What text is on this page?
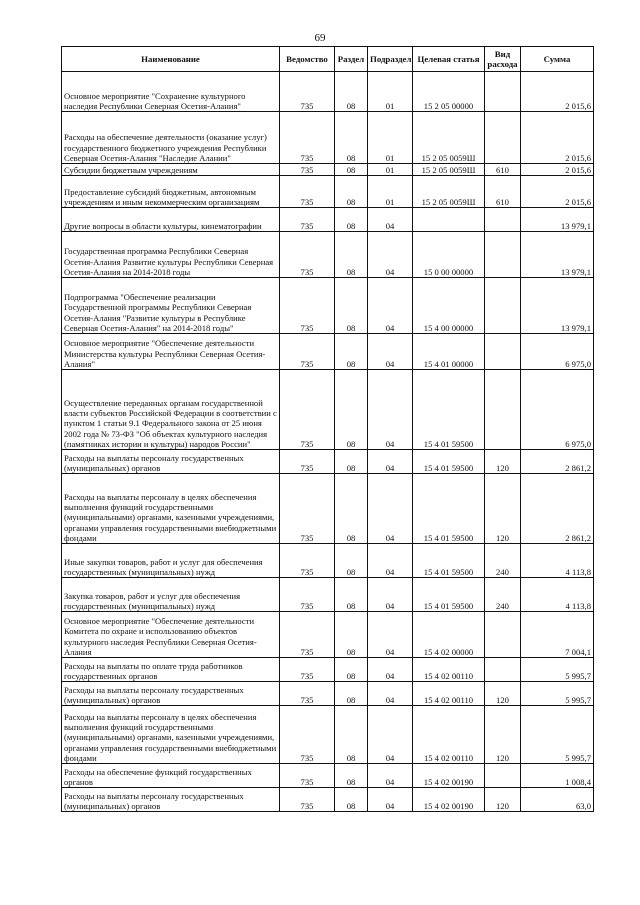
69
Наименование	Ведомство	Раздел	Подраздел	Целевая статья	Вид расхода	Сумма
Основное мероприятие "Сохранение культурного наследия Республики Северная Осетия-Алания"	735	08	01	15 2 05 00000		2 015,6
Расходы на обеспечение деятельности (оказание услуг) государственного бюджетного учреждения Республики Северная Осетия-Алания "Наследие Алании"	735	08	01	15 2 05 0059Ш		2 015,6
Субсидии бюджетным учреждениям	735	08	01	15 2 05 0059Ш	610	2 015,6
Предоставление субсидий бюджетным, автономным учреждениям и иным некоммерческим организациям	735	08	01	15 2 05 0059Ш	610	2 015,6
Другие вопросы в области культуры, кинематографии	735	08	04			13 979,1
Государственная программа Республики Северная Осетия-Алания Развитие культуры Республики Северная Осетия-Алания на 2014-2018 годы	735	08	04	15 0 00 00000		13 979,1
Подпрограмма "Обеспечение реализации Государственной программы Республики Северная Осетия-Алания "Развитие культуры в Республике Северная Осетия-Алания" на 2014-2018 годы"	735	08	04	15 4 00 00000		13 979,1
Основное мероприятие "Обеспечение деятельности Министерства культуры Республики Северная Осетия-Алания"	735	08	04	15 4 01 00000		6 975,0
Осуществление переданных органам государственной власти субъектов Российской Федерации в соответствии с пунктом 1 статьи 9.1 Федерального закона от 25 июня 2002 года № 73-ФЗ "Об объектах культурного наследия (памятниках истории и культуры) народов России"	735	08	04	15 4 01 59500		6 975,0
Расходы на выплаты персоналу государственных (муниципальных) органов	735	08	04	15 4 01 59500	120	2 861,2
Расходы на выплаты персоналу в целях обеспечения выполнения функций государственными (муниципальными) органами, казенными учреждениями, органами управления государственными внебюджетными фондами	735	08	04	15 4 01 59500	120	2 861,2
Иные закупки товаров, работ и услуг для обеспечения государственных (муниципальных) нужд	735	08	04	15 4 01 59500	240	4 113,8
Закупка товаров, работ и услуг для обеспечения государственных (муниципальных) нужд	735	08	04	15 4 01 59500	240	4 113,8
Основное мероприятие "Обеспечение деятельности Комитета по охране и использованию объектов культурного наследия Республики Северная Осетия-Алания	735	08	04	15 4 02 00000		7 004,1
Расходы на выплаты по оплате труда работников государственных органов	735	08	04	15 4 02 00110		5 995,7
Расходы на выплаты персоналу государственных (муниципальных) органов	735	08	04	15 4 02 00110	120	5 995,7
Расходы на выплаты персоналу в целях обеспечения выполнения функций государственными (муниципальными) органами, казенными учреждениями, органами управления государственными внебюджетными фондами	735	08	04	15 4 02 00110	120	5 995,7
Расходы на обеспечение функций государственных органов	735	08	04	15 4 02 00190		1 008,4
Расходы на выплаты персоналу государственных (муниципальных) органов	735	08	04	15 4 02 00190	120	63,0
